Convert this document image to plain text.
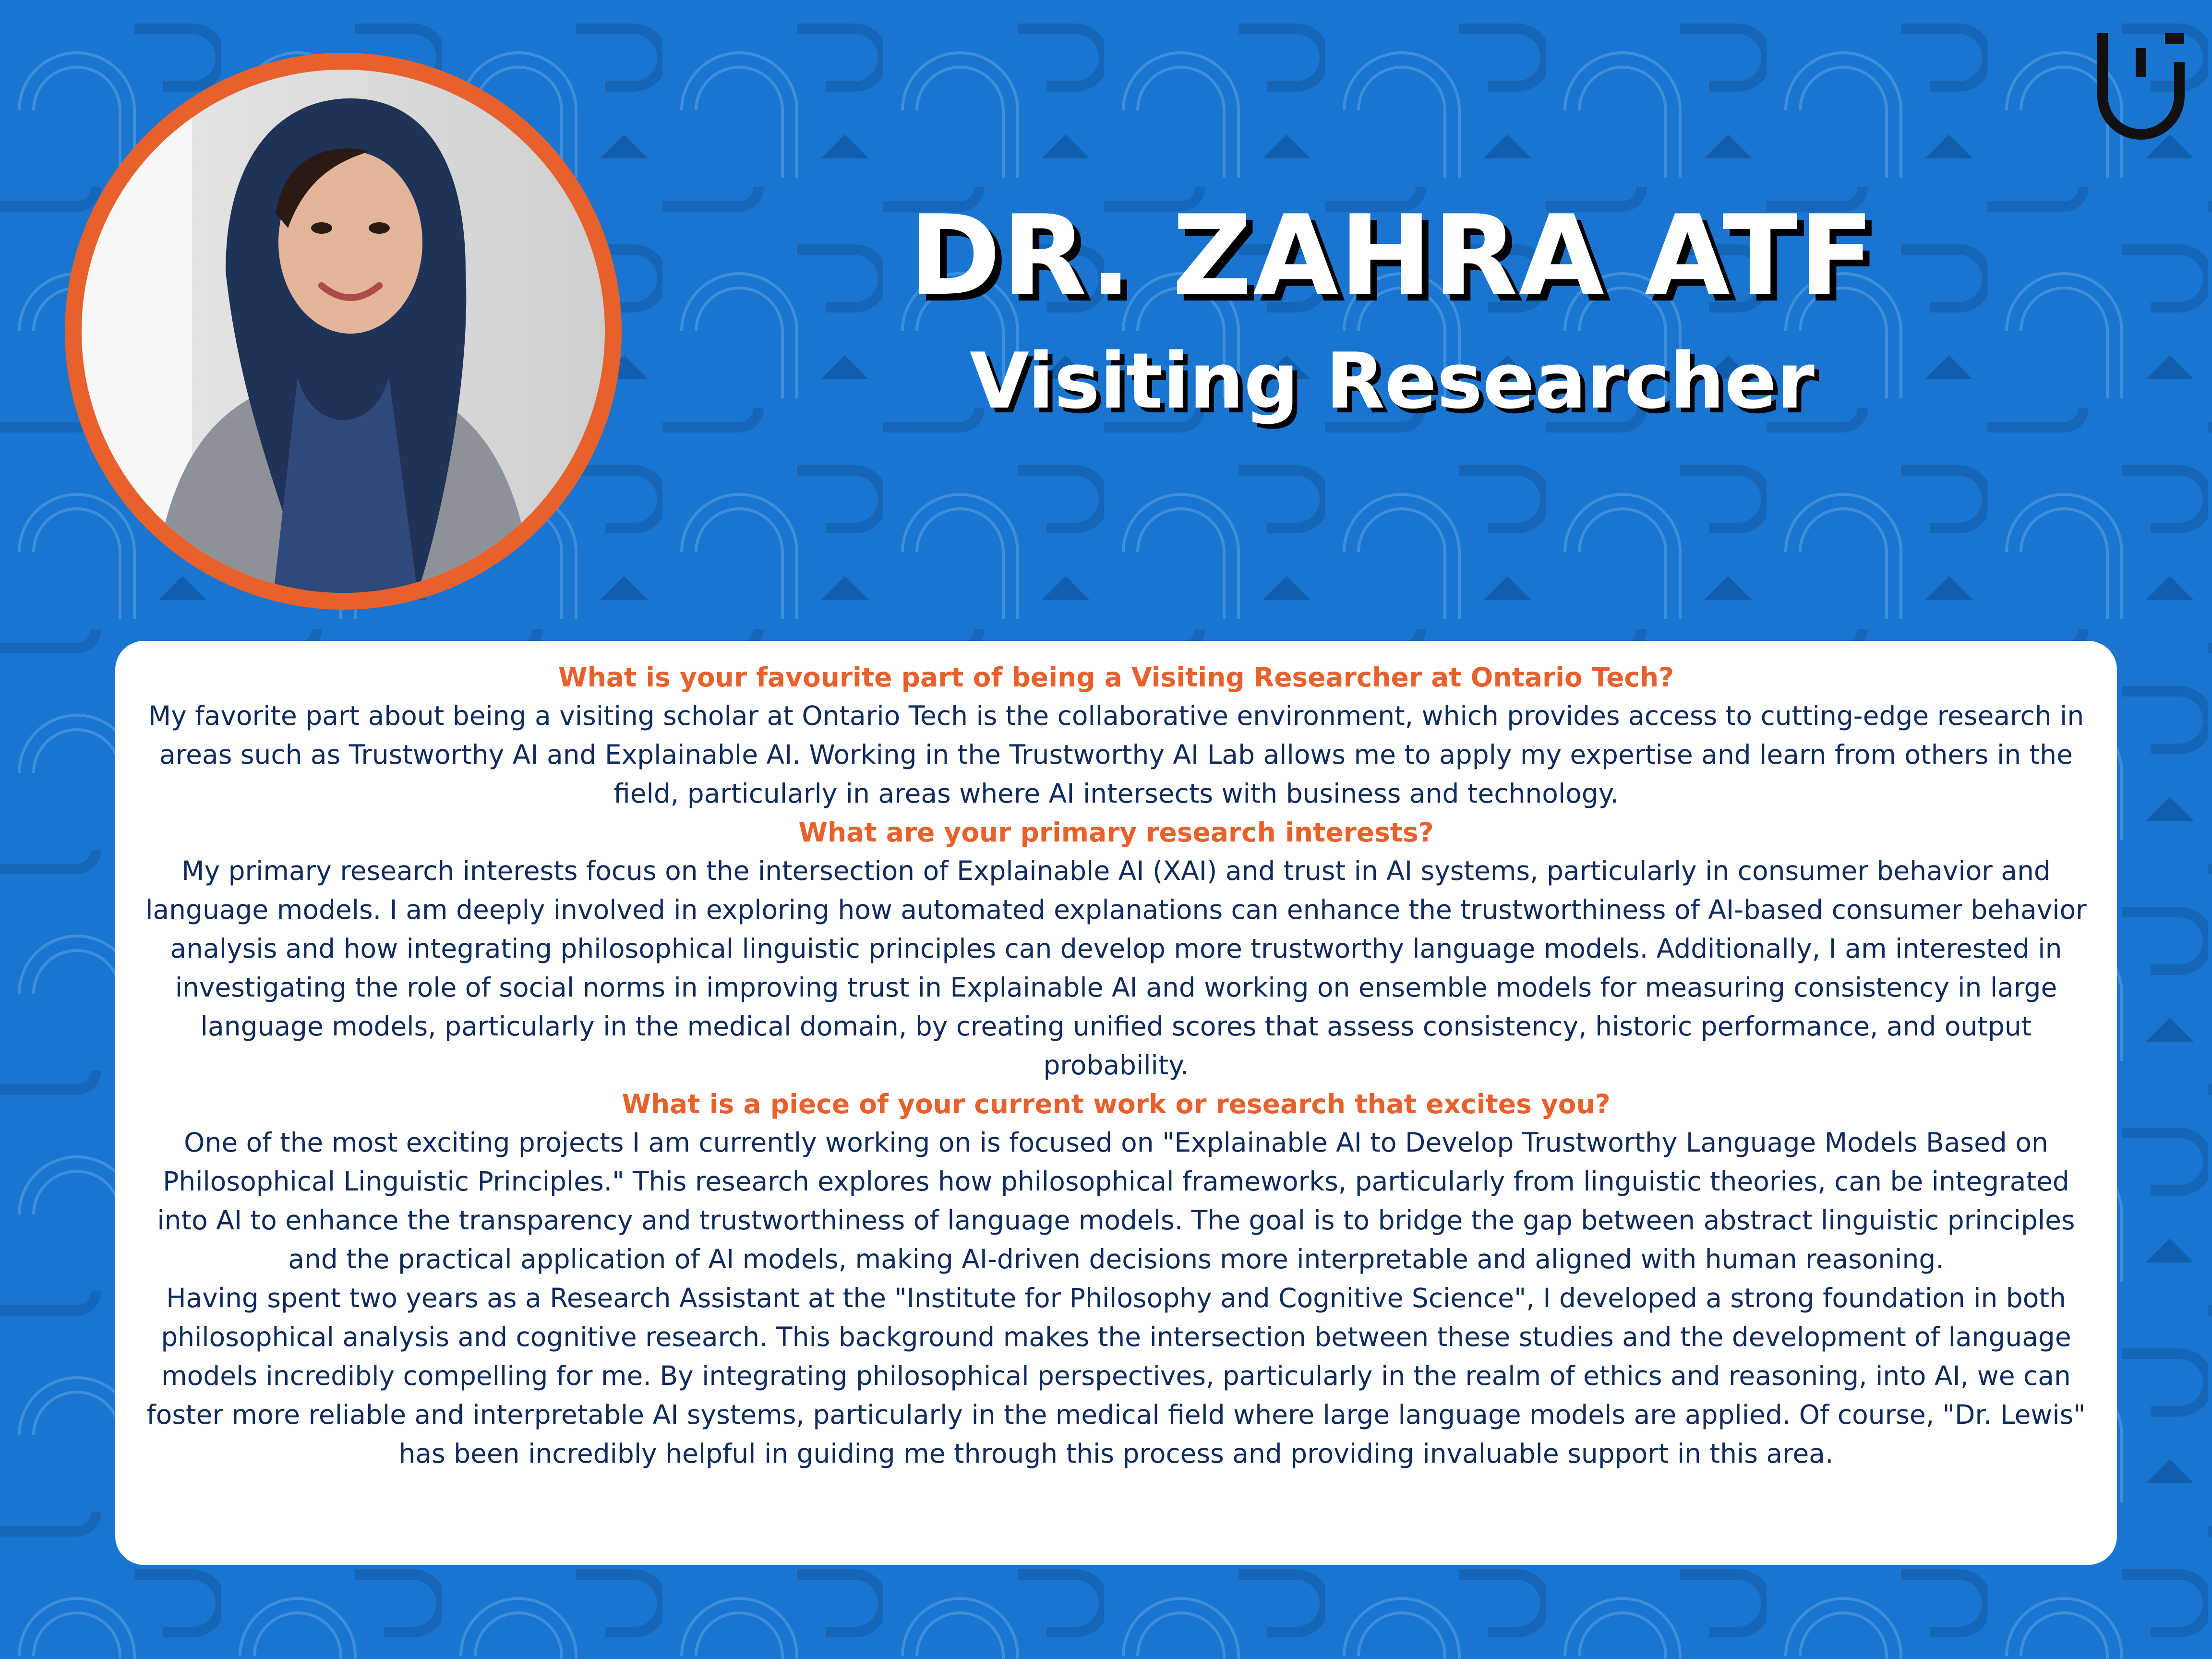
DR. ZAHRA ATF
Visiting Researcher

What is your favourite part of being a Visiting Researcher at Ontario Tech?

My favorite part about being a visiting scholar at Ontario Tech is the collaborative environment, which provides access to cutting-edge research in areas such as Trustworthy AI and Explainable AI. Working in the Trustworthy AI Lab allows me to apply my expertise and learn from others in the field, particularly in areas where AI intersects with business and technology.

What are your primary research interests?

My primary research interests focus on the intersection of Explainable AI (XAI) and trust in AI systems, particularly in consumer behavior and language models. I am deeply involved in exploring how automated explanations can enhance the trustworthiness of AI-based consumer behavior analysis and how integrating philosophical linguistic principles can develop more trustworthy language models. Additionally, I am interested in investigating the role of social norms in improving trust in Explainable AI and working on ensemble models for measuring consistency in large language models, particularly in the medical domain, by creating unified scores that assess consistency, historic performance, and output probability.

What is a piece of your current work or research that excites you?

One of the most exciting projects I am currently working on is focused on "Explainable AI to Develop Trustworthy Language Models Based on Philosophical Linguistic Principles." This research explores how philosophical frameworks, particularly from linguistic theories, can be integrated into AI to enhance the transparency and trustworthiness of language models. The goal is to bridge the gap between abstract linguistic principles and the practical application of AI models, making AI-driven decisions more interpretable and aligned with human reasoning.

Having spent two years as a Research Assistant at the "Institute for Philosophy and Cognitive Science", I developed a strong foundation in both philosophical analysis and cognitive research. This background makes the intersection between these studies and the development of language models incredibly compelling for me. By integrating philosophical perspectives, particularly in the realm of ethics and reasoning, into AI, we can foster more reliable and interpretable AI systems, particularly in the medical field where large language models are applied. Of course, "Dr. Lewis" has been incredibly helpful in guiding me through this process and providing invaluable support in this area.
